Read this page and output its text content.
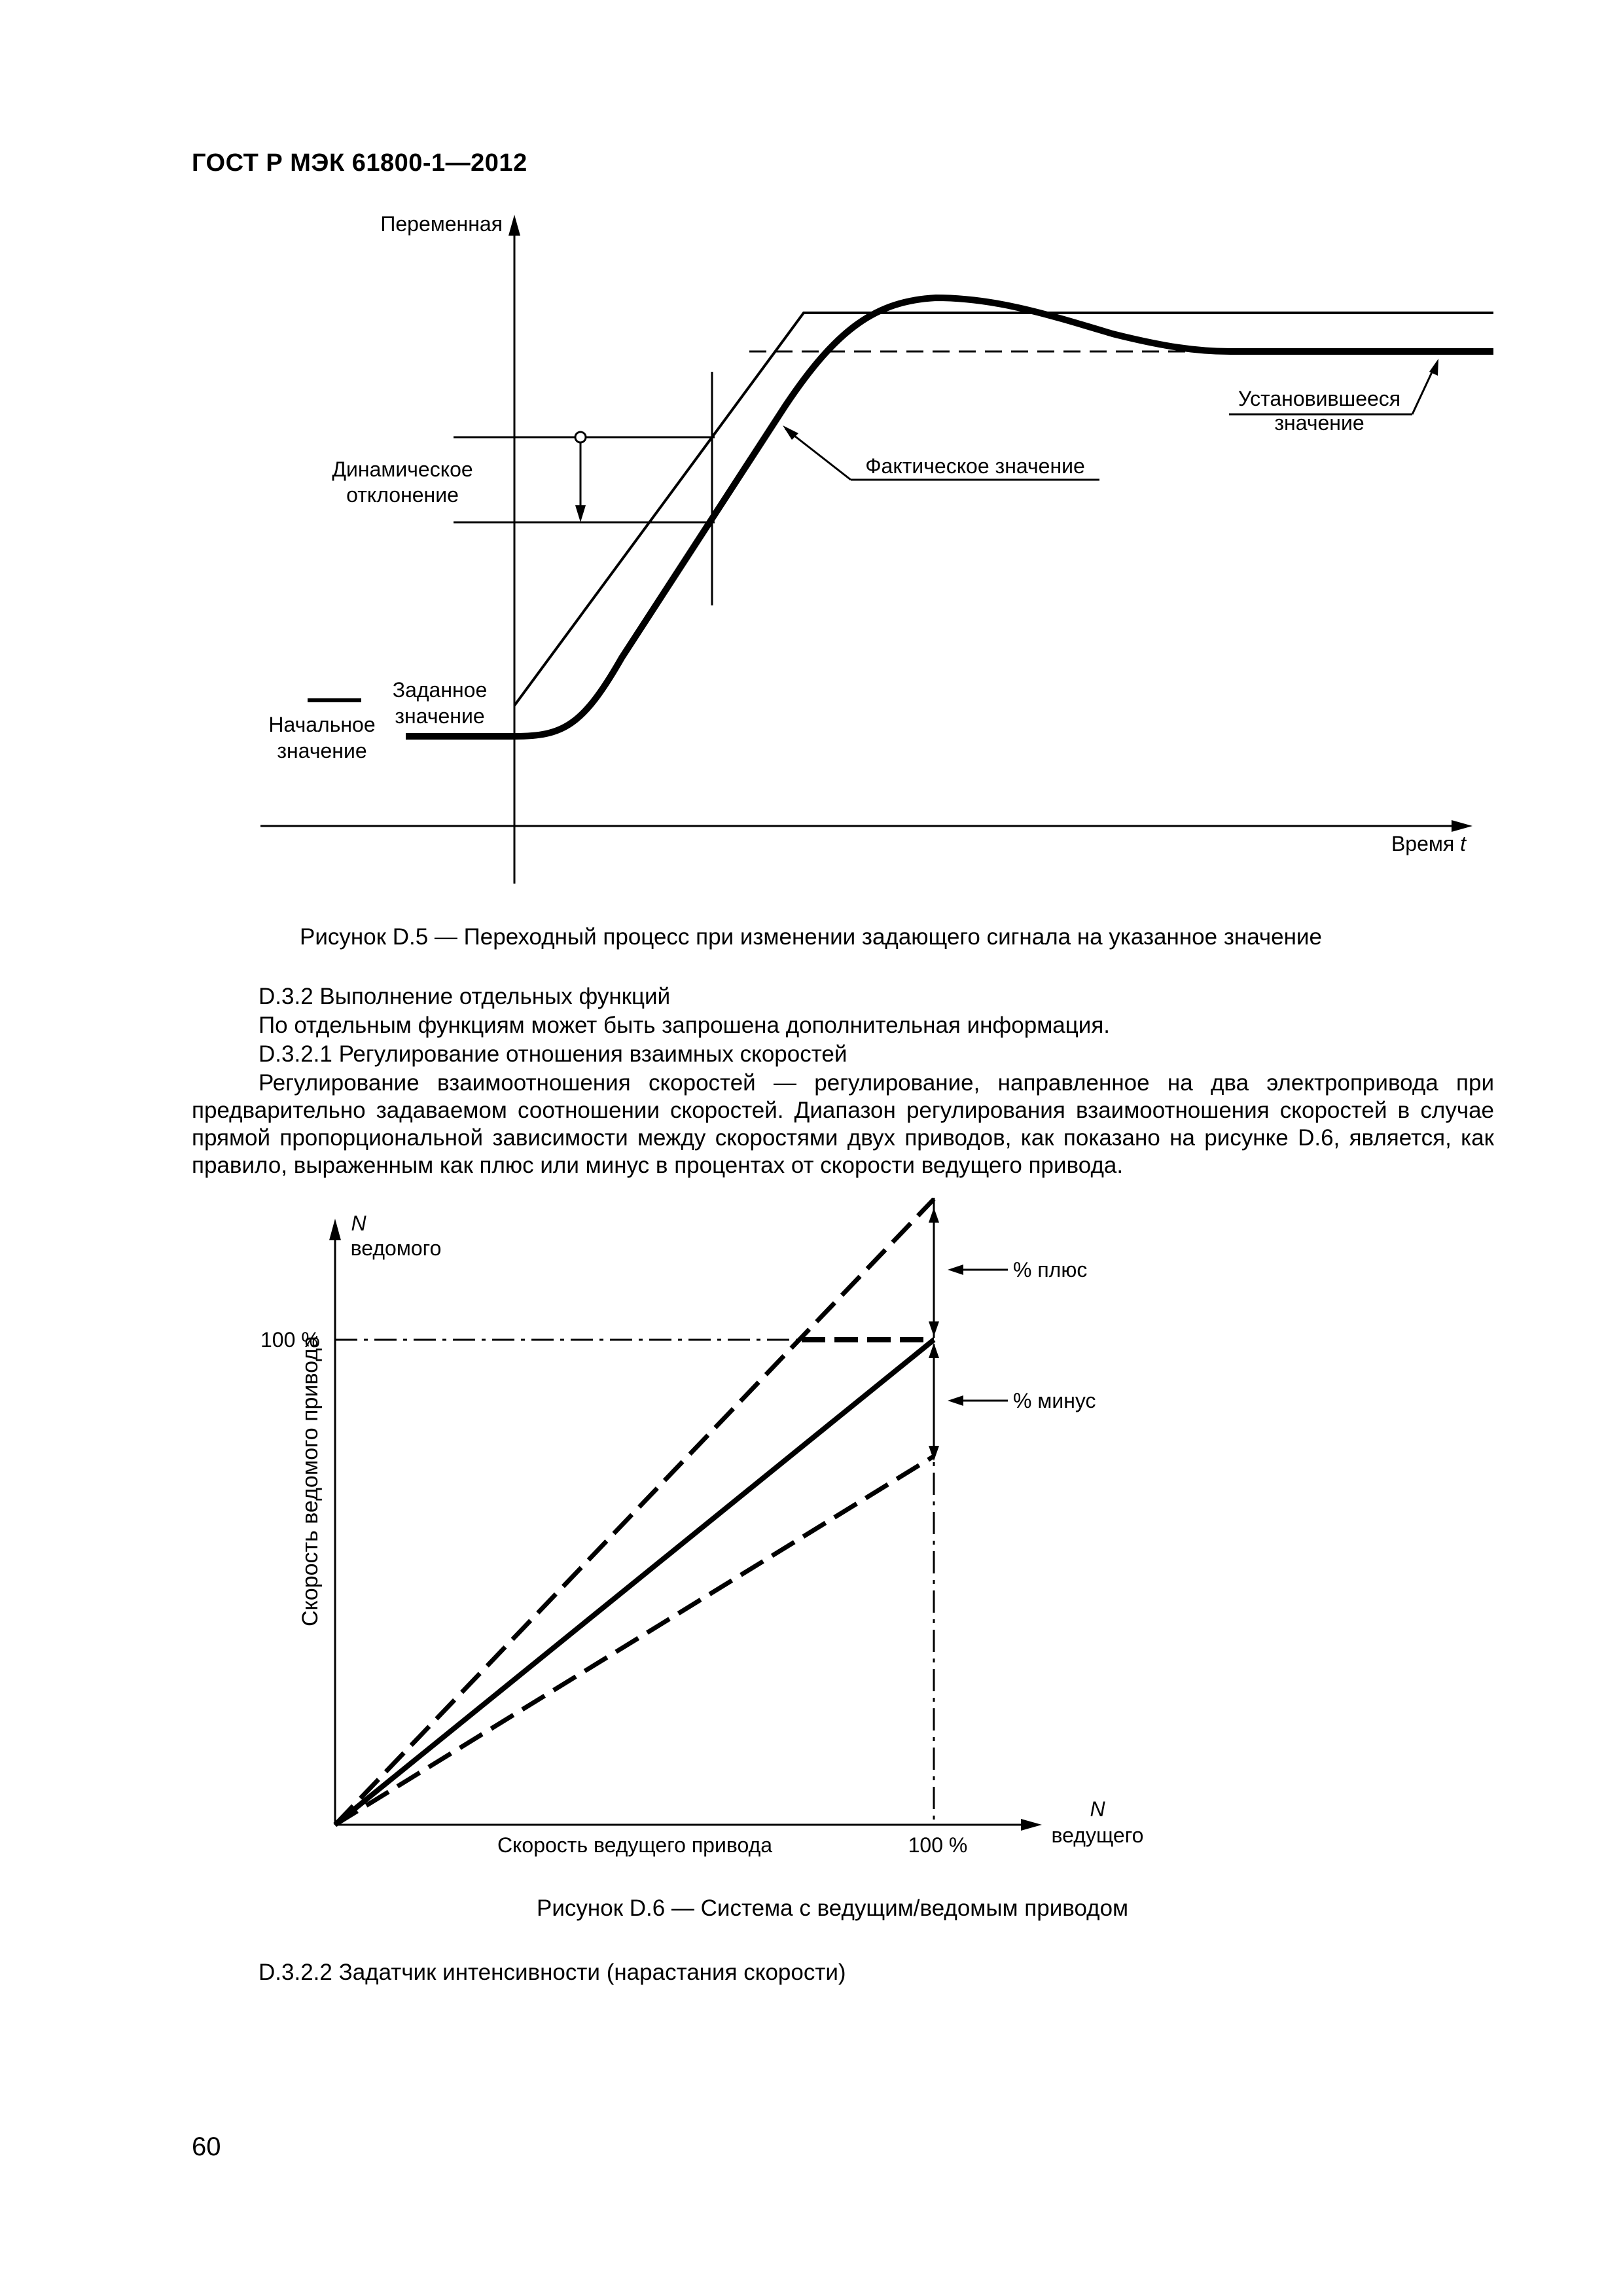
ГОСТ Р МЭК 61800-1—2012
Переменная
Время t
Динамическое
отклонение
Заданное
значение
Начальное
значение
Фактическое значение
Установившееся
значение
Рисунок D.5 — Переходный процесс при изменении задающего сигнала на указанное значение
D.3.2 Выполнение отдельных функций
По отдельным функциям может быть запрошена дополнительная информация.
D.3.2.1 Регулирование отношения взаимных скоростей
Регулирование взаимоотношения скоростей — регулирование, направленное на два электропривода при предварительно задаваемом соотношении скоростей. Диапазон регулирования взаимоотношения скоростей в случае прямой пропорциональной зависимости между скоростями двух приводов, как показано на рисунке D.6, является, как правило, выраженным как плюс или минус в процентах от скорости ведущего привода.
N
ведомого
100 %
Скорость ведомого привода
Скорость ведущего привода	100 %
N
ведущего
% плюс
% минус
Рисунок D.6 — Система с ведущим/ведомым приводом
D.3.2.2 Задатчик интенсивности (нарастания скорости)
60
